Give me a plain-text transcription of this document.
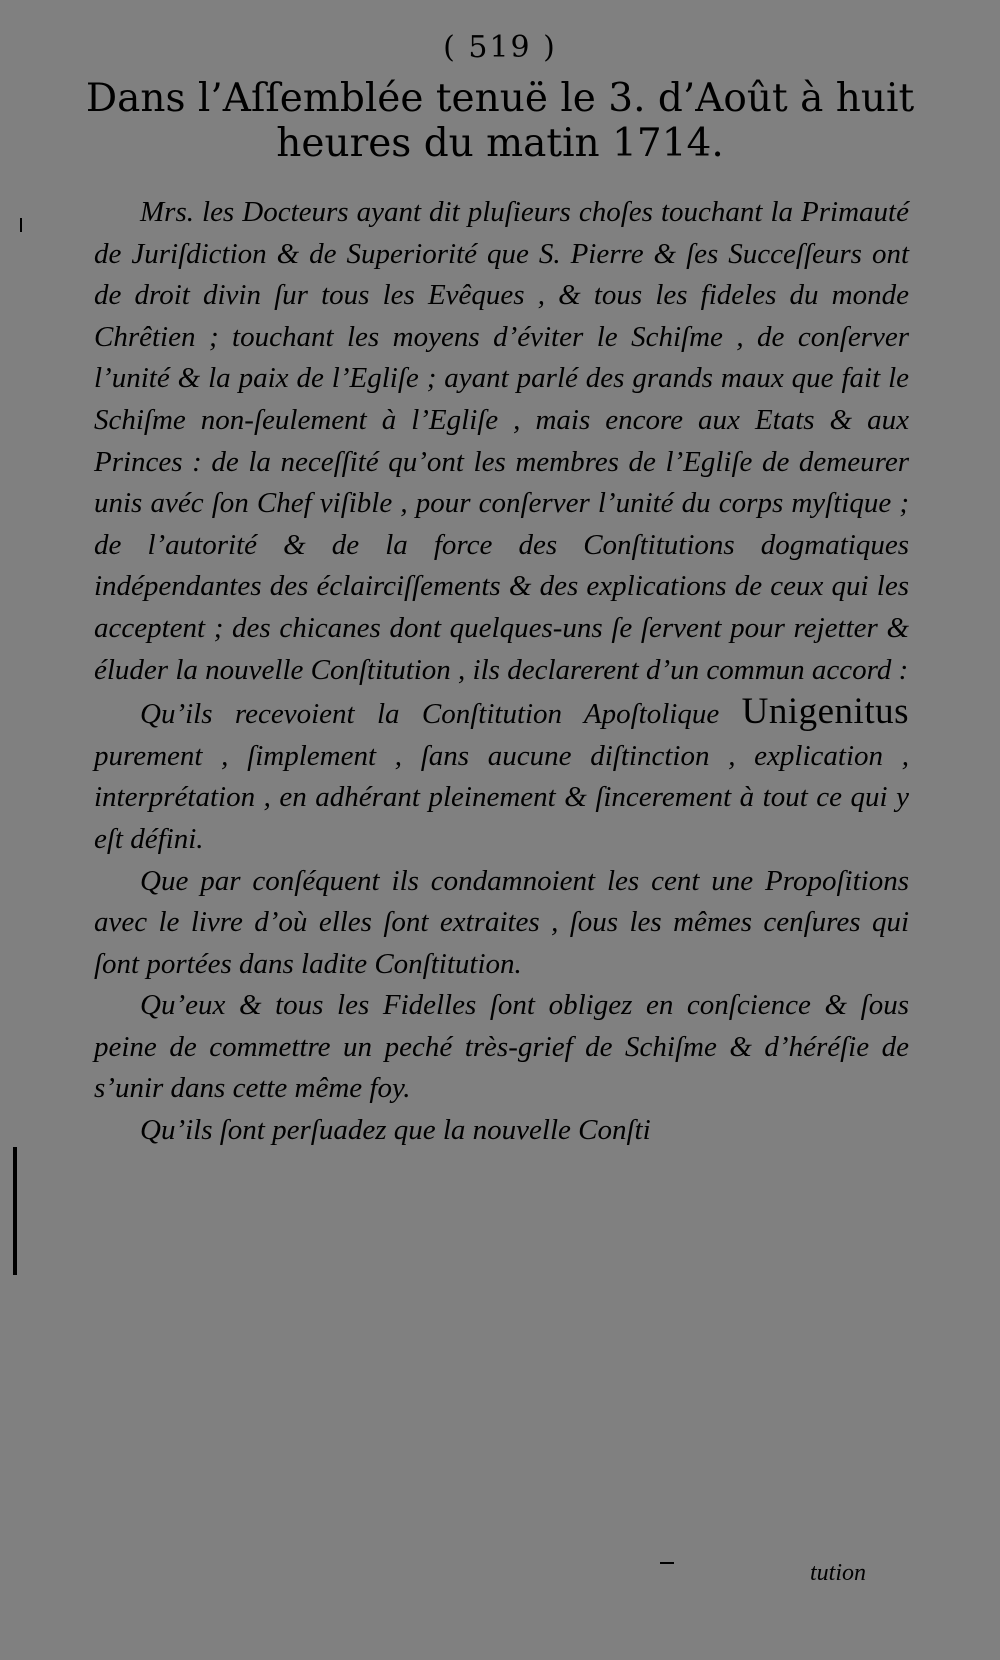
( 519 )
Dans l’Aſſemblée tenuë le 3. d’Août à huit
heures du matin 1714.

Mrs. les Docteurs ayant dit pluſieurs choſes touchant la Primauté de Juriſdiction & de Superiorité que S. Pierre & ſes Succeſſeurs ont de droit divin ſur tous les Evêques , & tous les fideles du monde Chrêtien ; touchant les moyens d’éviter le Schiſme , de conſerver l’unité & la paix de l’Egliſe ; ayant parlé des grands maux que fait le Schiſme non-ſeulement à l’Egliſe , mais encore aux Etats & aux Princes : de la neceſſité qu’ont les membres de l’Egliſe de demeurer unis avéc ſon Chef viſible , pour conſerver l’unité du corps myſtique ; de l’autorité & de la force des Conſtitutions dogmatiques indépendantes des éclairciſſements & des explications de ceux qui les acceptent ; des chicanes dont quelques-uns ſe ſervent pour rejetter & éluder la nouvelle Conſtitution , ils declarerent d’un commun accord :

Qu’ils recevoient la Conſtitution Apoſtolique Unigenitus purement , ſimplement , ſans aucune diſtinction , explication , interprétation , en adhérant pleinement & ſincerement à tout ce qui y eſt défini.

Que par conſéquent ils condamnoient les cent une Propoſitions avec le livre d’où elles ſont extraites , ſous les mêmes cenſures qui ſont portées dans ladite Conſtitution.

Qu’eux & tous les Fidelles ſont obligez en conſcience & ſous peine de commettre un peché très-grief de Schiſme & d’héréſie de s’unir dans cette même foy.

Qu’ils ſont perſuadez que la nouvelle Conſti

tution
